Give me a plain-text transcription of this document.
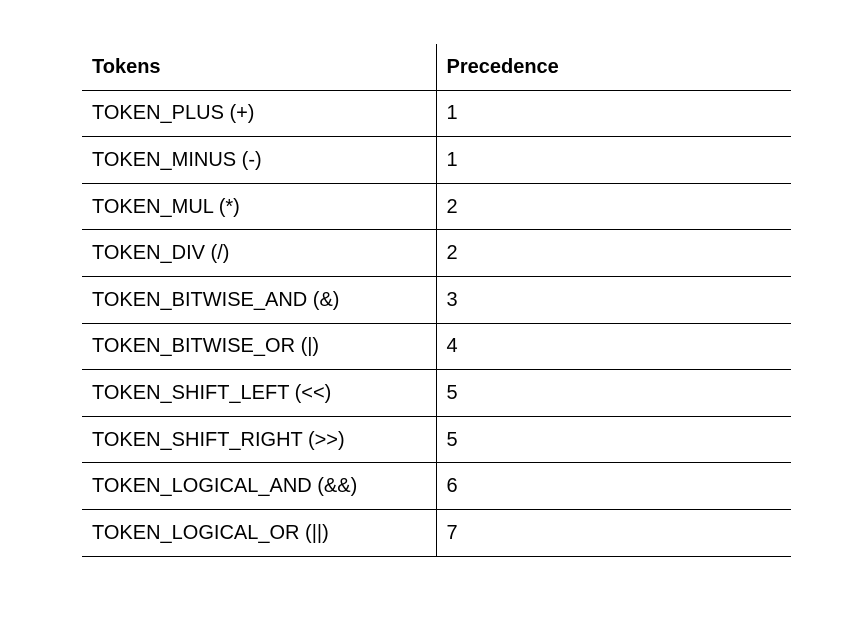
Tokens	Precedence
TOKEN_PLUS (+)	1
TOKEN_MINUS (-)	1
TOKEN_MUL (*)	2
TOKEN_DIV (/)	2
TOKEN_BITWISE_AND (&)	3
TOKEN_BITWISE_OR (|)	4
TOKEN_SHIFT_LEFT (<<)	5
TOKEN_SHIFT_RIGHT (>>)	5
TOKEN_LOGICAL_AND (&&)	6
TOKEN_LOGICAL_OR (||)	7
